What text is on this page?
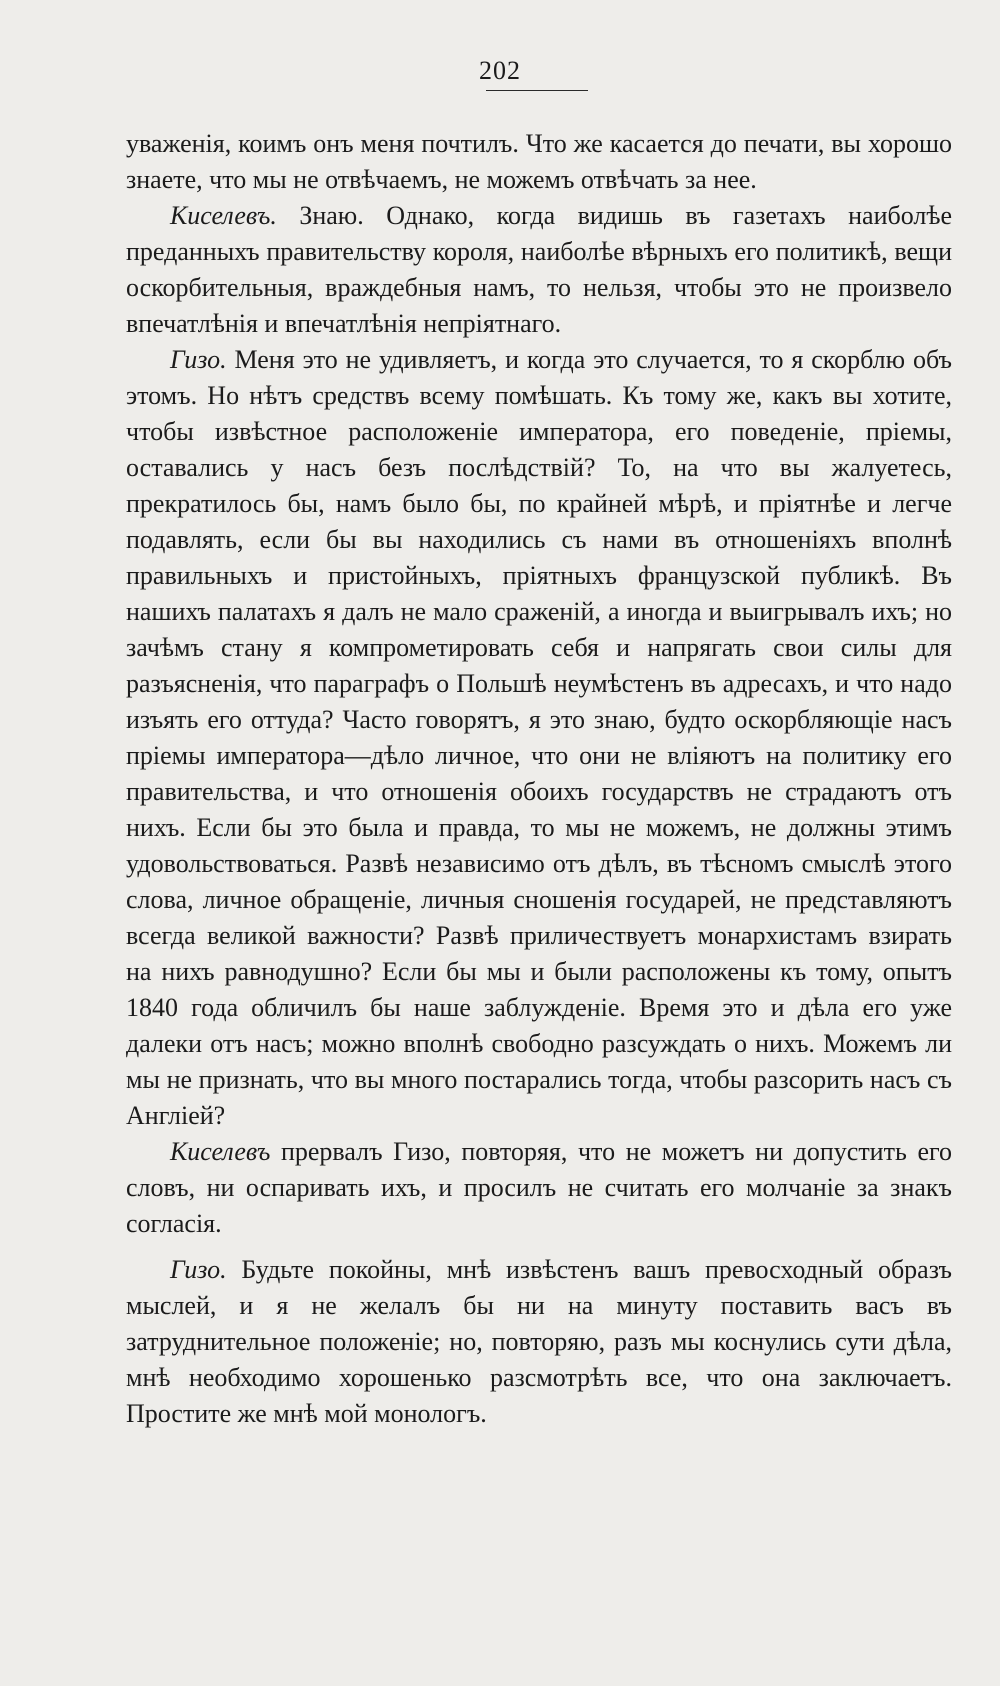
202

уваженія, коимъ онъ меня почтилъ. Что же касается до печати, вы хорошо знаете, что мы не отвѣчаемъ, не можемъ отвѣчать за нее.

Киселевъ. Знаю. Однако, когда видишь въ газетахъ наиболѣе преданныхъ правительству короля, наиболѣе вѣрныхъ его политикѣ, вещи оскорбительныя, враждебныя намъ, то нельзя, чтобы это не произвело впечатлѣнія и впечатлѣнія непріятнаго.

Гизо. Меня это не удивляетъ, и когда это случается, то я скорблю объ этомъ. Но нѣтъ средствъ всему помѣшать. Къ тому же, какъ вы хотите, чтобы извѣстное расположеніе императора, его поведеніе, пріемы, оставались у насъ безъ послѣдствій? То, на что вы жалуетесь, прекратилось бы, намъ было бы, по крайней мѣрѣ, и пріятнѣе и легче подавлять, если бы вы находились съ нами въ отношеніяхъ вполнѣ правильныхъ и пристойныхъ, пріятныхъ французской публикѣ. Въ нашихъ палатахъ я далъ не мало сраженій, а иногда и выигрывалъ ихъ; но зачѣмъ стану я компрометировать себя и напрягать свои силы для разъясненія, что параграфъ о Польшѣ неумѣстенъ въ адресахъ, и что надо изъять его оттуда? Часто говорятъ, я это знаю, будто оскорбляющіе насъ пріемы императора—дѣло личное, что они не вліяютъ на политику его правительства, и что отношенія обоихъ государствъ не страдаютъ отъ нихъ. Если бы это была и правда, то мы не можемъ, не должны этимъ удовольствоваться. Развѣ независимо отъ дѣлъ, въ тѣсномъ смыслѣ этого слова, личное обращеніе, личныя сношенія государей, не представляютъ всегда великой важности? Развѣ приличествуетъ монархистамъ взирать на нихъ равнодушно? Если бы мы и были расположены къ тому, опытъ 1840 года обличилъ бы наше заблужденіе. Время это и дѣла его уже далеки отъ насъ; можно вполнѣ свободно разсуждать о нихъ. Можемъ ли мы не признать, что вы много постарались тогда, чтобы разсорить насъ съ Англіей?

Киселевъ прервалъ Гизо, повторяя, что не можетъ ни допустить его словъ, ни оспаривать ихъ, и просилъ не считать его молчаніе за знакъ согласія.

Гизо. Будьте покойны, мнѣ извѣстенъ вашъ превосходный образъ мыслей, и я не желалъ бы ни на минуту поставить васъ въ затруднительное положеніе; но, повторяю, разъ мы коснулись сути дѣла, мнѣ необходимо хорошенько разсмотрѣть все, что она заключаетъ. Простите же мнѣ мой монологъ.
